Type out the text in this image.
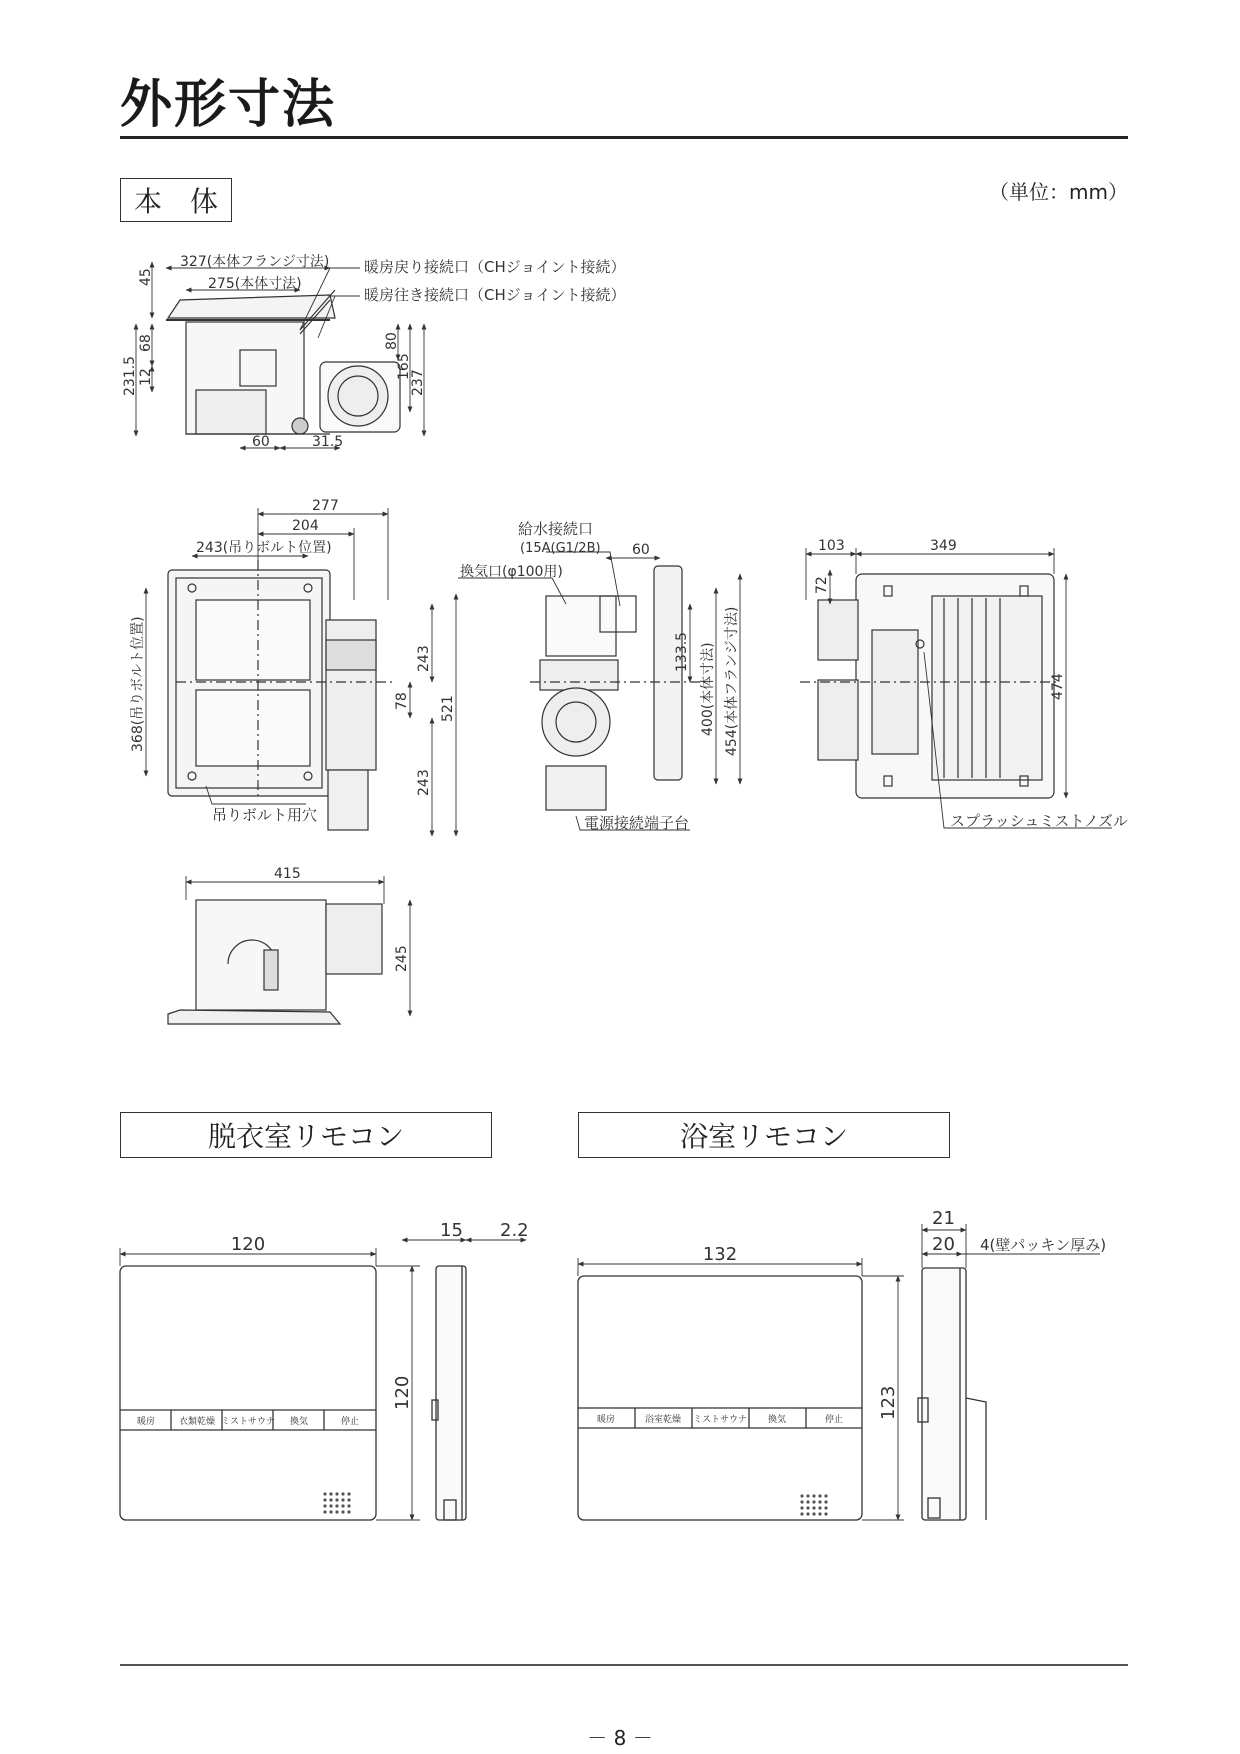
外形寸法
本　体	（単位：mm）
脱衣室リモコン	浴室リモコン
－ 8 －
327(本体フランジ寸法)
275(本体寸法)
45
68
12
231.5
80
165
237
60	31.5
暖房戻り接続口（CHジョイント接続）
暖房往き接続口（CHジョイント接続）
277
204
243(吊りボルト位置)
368(吊りボルト位置)	243
78 521
243
吊りボルト用穴
給水接続口
(15A(G1/2B) 60
換気口(φ100用)
133.5 400(本体寸法) 454(本体フランジ寸法)
電源接続端子台
103	349
72
474
スプラッシュミストノズル
415
245
暖房	衣類乾燥 ミストサウナ 換気	停止
120
120
15 2.2
暖房	浴室乾燥 ミストサウナ 換気	停止
132
123
21
20 4(壁パッキン厚み)
